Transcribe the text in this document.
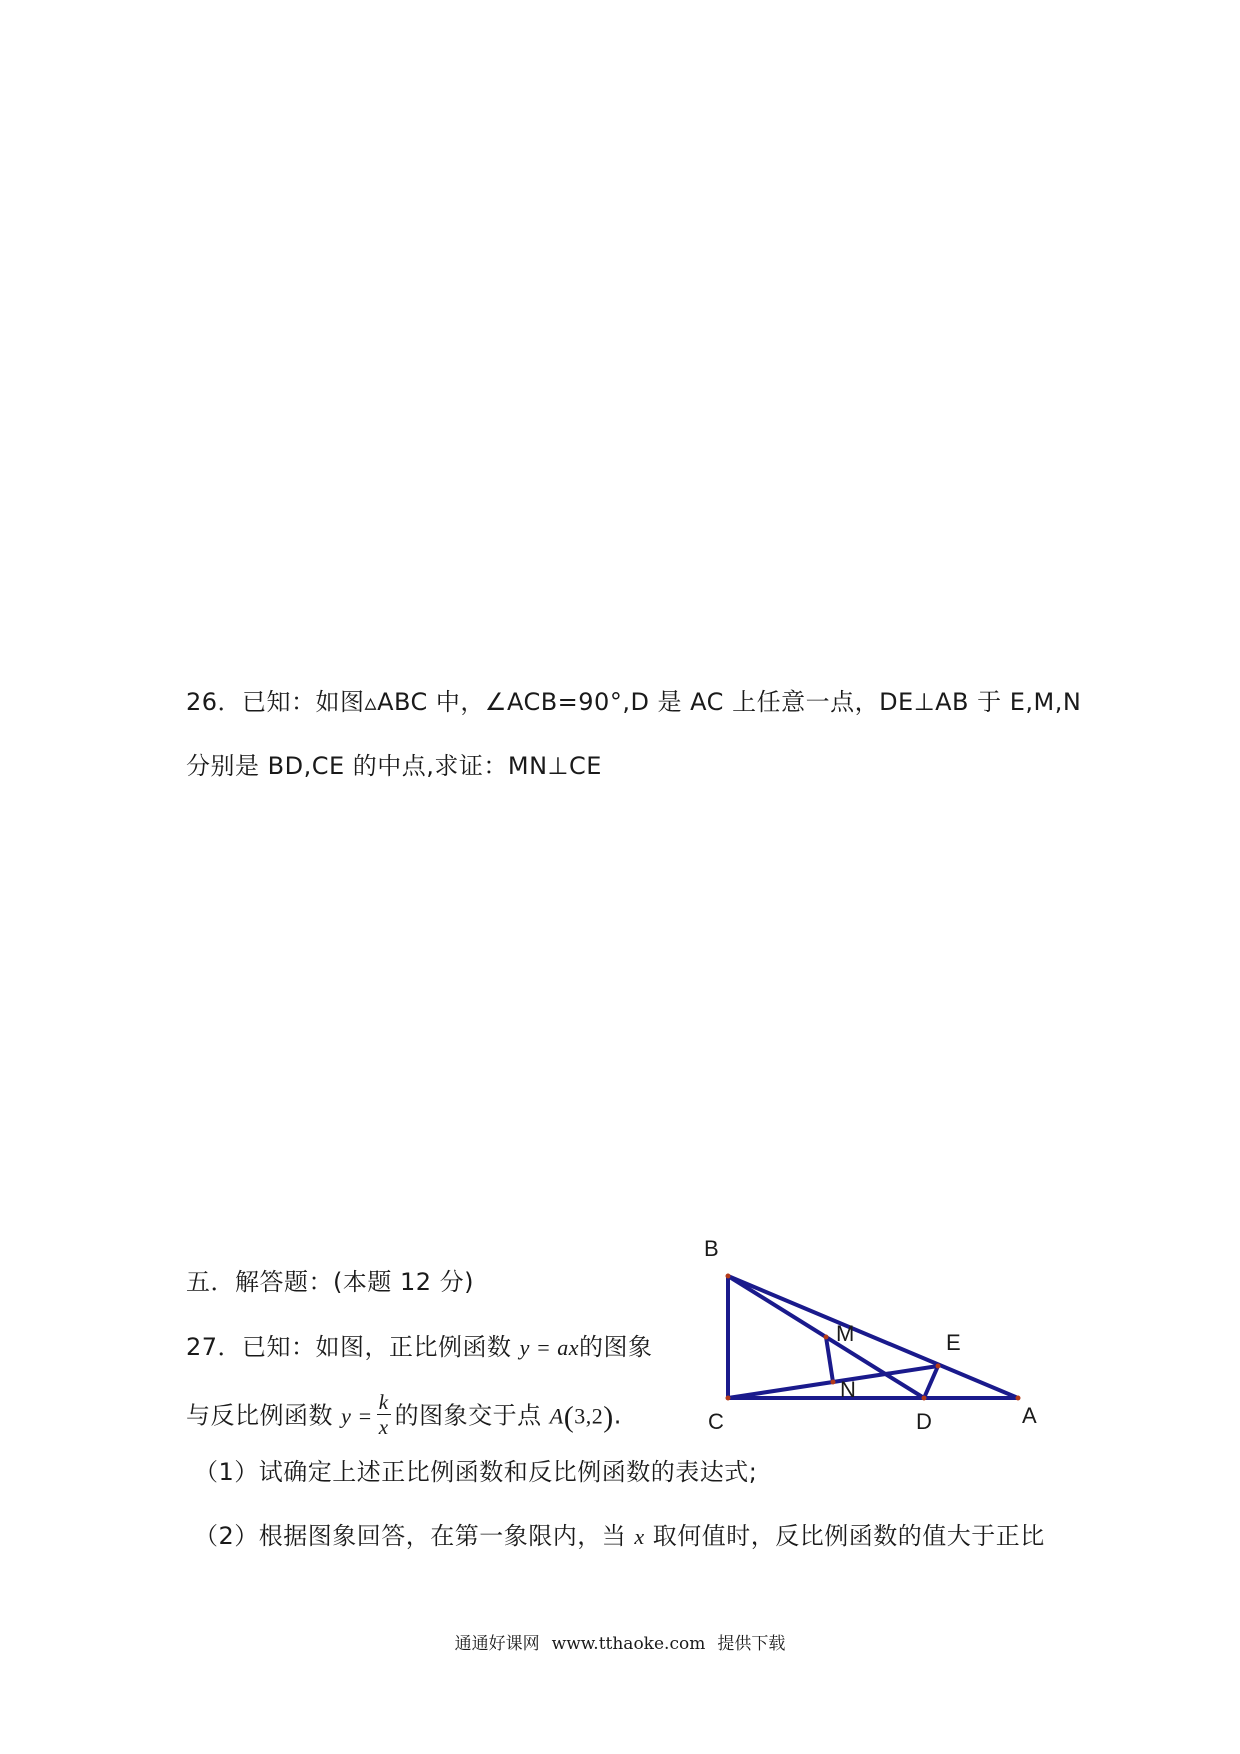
26．已知：如图▵ABC 中，∠ACB=90°,D 是 AC 上任意一点，DE⊥AB 于 E,M,N
分别是 BD,CE 的中点,求证：MN⊥CE
五．解答题：(本题 12 分)
27．已知：如图，正比例函数 y = ax的图象
与反比例函数 $y = \frac{k}{x}$ 的图象交于点 A(3,2).
（1）试确定上述正比例函数和反比例函数的表达式;
（2）根据图象回答，在第一象限内，当 x 取何值时，反比例函数的值大于正比
B
C	D	A
E
M
N
通通好课网 www.tthaoke.com 提供下载
